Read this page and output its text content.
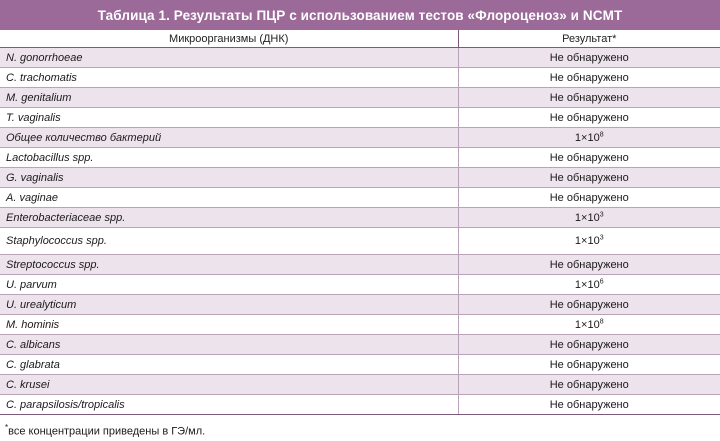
Таблица 1. Результаты ПЦР с использованием тестов «Флороценоз» и NCMT
Микроорганизмы (ДНК)	Результат*
N. gonorrhoeae	Не обнаружено
C. trachomatis	Не обнаружено
M. genitalium	Не обнаружено
T. vaginalis	Не обнаружено
Общее количество бактерий	$1\times 10^8$
Lactobacillus spp.	Не обнаружено
G. vaginalis	Не обнаружено
A. vaginae	Не обнаружено
Enterobacteriaceae spp.	$1\times 10^3$
Staphylococcus spp.	$1\times 10^3$
Streptococcus spp.	Не обнаружено
U. parvum	$1\times 10^6$
U. urealyticum	Не обнаружено
M. hominis	$1\times 10^8$
C. albicans	Не обнаружено
C. glabrata	Не обнаружено
C. krusei	Не обнаружено
C. parapsilosis/tropicalis	Не обнаружено
*все концентрации приведены в ГЭ/мл.
